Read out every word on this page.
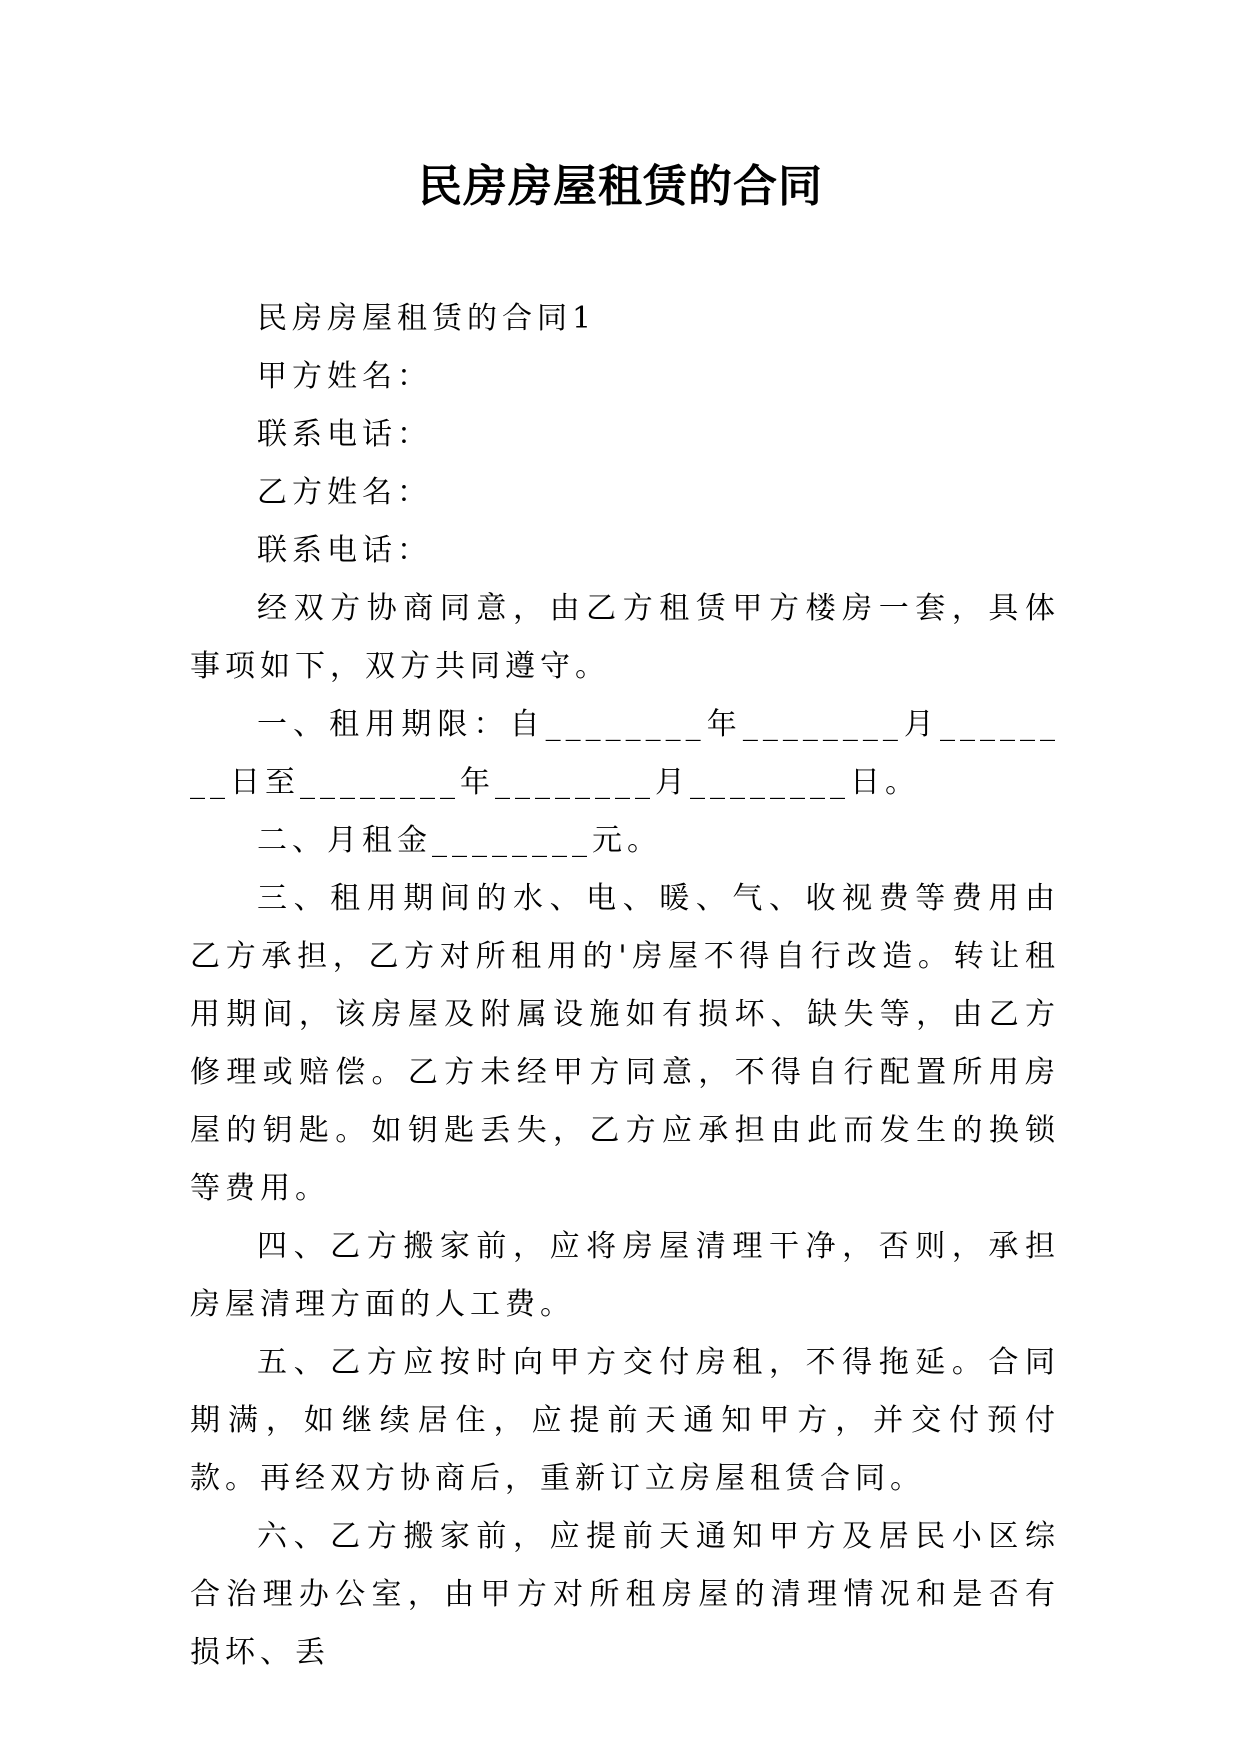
民房房屋租赁的合同

民房房屋租赁的合同1

甲方姓名：

联系电话：

乙方姓名：

联系电话：

经双方协商同意，由乙方租赁甲方楼房一套，具体事项如下，双方共同遵守。

一、租用期限：自________年________月________日至________年________月________日。

二、月租金________元。

三、租用期间的水、电、暖、气、收视费等费用由乙方承担，乙方对所租用的'房屋不得自行改造。转让租用期间，该房屋及附属设施如有损坏、缺失等，由乙方修理或赔偿。乙方未经甲方同意，不得自行配置所用房屋的钥匙。如钥匙丢失，乙方应承担由此而发生的换锁等费用。

四、乙方搬家前，应将房屋清理干净，否则，承担房屋清理方面的人工费。

五、乙方应按时向甲方交付房租，不得拖延。合同期满，如继续居住，应提前天通知甲方，并交付预付款。再经双方协商后，重新订立房屋租赁合同。

六、乙方搬家前，应提前天通知甲方及居民小区综合治理办公室，由甲方对所租房屋的清理情况和是否有损坏、丢
